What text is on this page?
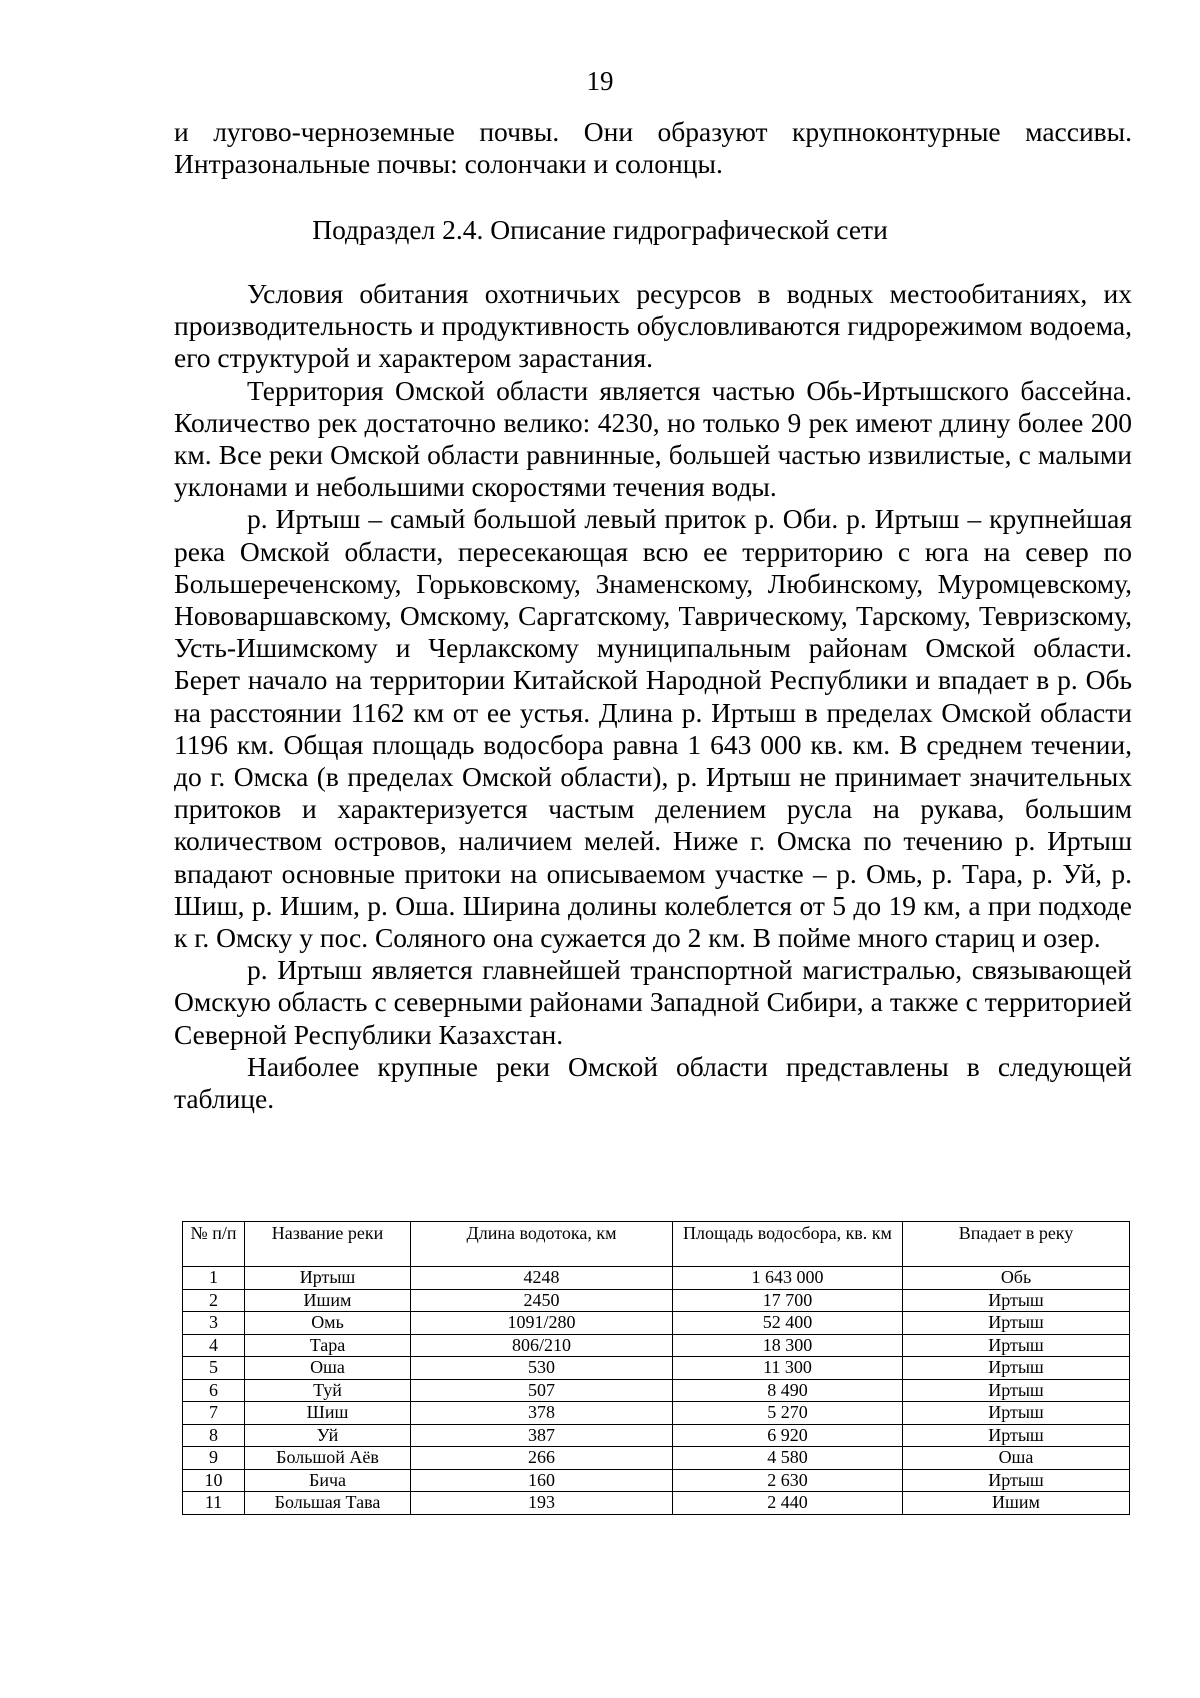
19

и лугово-черноземные почвы. Они образуют крупноконтурные массивы. Интразональные почвы: солончаки и солонцы.

Подраздел 2.4. Описание гидрографической сети

Условия обитания охотничьих ресурсов в водных местообитаниях, их производительность и продуктивность обусловливаются гидрорежимом водоема, его структурой и характером зарастания.

Территория Омской области является частью Обь-Иртышского бассейна. Количество рек достаточно велико: 4230, но только 9 рек имеют длину более 200 км. Все реки Омской области равнинные, большей частью извилистые, с малыми уклонами и небольшими скоростями течения воды.

р. Иртыш – самый большой левый приток р. Оби. р. Иртыш – крупнейшая река Омской области, пересекающая всю ее территорию с юга на север по Большереченскому, Горьковскому, Знаменскому, Любинскому, Муромцевскому, Нововаршавскому, Омскому, Саргатскому, Таврическому, Тарскому, Тевризскому, Усть-Ишимскому и Черлакскому муниципальным районам Омской области. Берет начало на территории Китайской Народной Республики и впадает в р. Обь на расстоянии 1162 км от ее устья. Длина р. Иртыш в пределах Омской области 1196 км. Общая площадь водосбора равна 1 643 000 кв. км. В среднем течении, до г. Омска (в пределах Омской области), р. Иртыш не принимает значительных притоков и характеризуется частым делением русла на рукава, большим количеством островов, наличием мелей. Ниже г. Омска по течению р. Иртыш впадают основные притоки на описываемом участке – р. Омь, р. Тара, р. Уй, р. Шиш, р. Ишим, р. Оша. Ширина долины колеблется от 5 до 19 км, а при подходе к г. Омску у пос. Соляного она сужается до 2 км. В пойме много стариц и озер.

р. Иртыш является главнейшей транспортной магистралью, связывающей Омскую область с северными районами Западной Сибири, а также с территорией Северной Республики Казахстан.

Наиболее крупные реки Омской области представлены в следующей таблице.

№ п/п	Название реки	Длина водотока, км	Площадь водосбора, кв. км	Впадает в реку
1	Иртыш	4248	1 643 000	Обь
2	Ишим	2450	17 700	Иртыш
3	Омь	1091/280	52 400	Иртыш
4	Тара	806/210	18 300	Иртыш
5	Оша	530	11 300	Иртыш
6	Туй	507	8 490	Иртыш
7	Шиш	378	5 270	Иртыш
8	Уй	387	6 920	Иртыш
9	Большой Аёв	266	4 580	Оша
10	Бича	160	2 630	Иртыш
11	Большая Тава	193	2 440	Ишим
